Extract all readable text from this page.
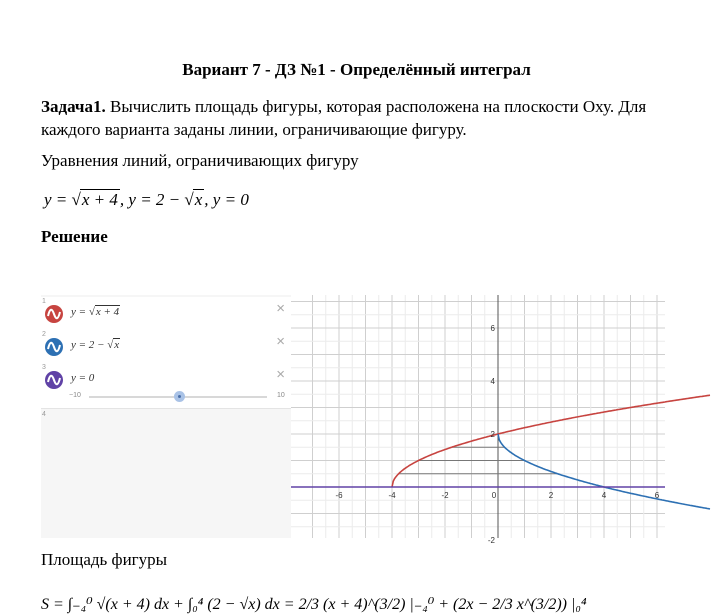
Вариант 7 - ДЗ №1 - Определённый интеграл
Задача1. Вычислить площадь фигуры, которая расположена на плоскости Оху. Для каждого варианта заданы линии, ограничивающие фигуру.
Уравнения линий, ограничивающих фигуру
y = √x + 4 , y = 2 − √x , y = 0
Решение
1
y = √x + 4	×
2
y = 2 − √x	×
3
y = 0	×
−10	10
4
-6	-4	-2	0	2	4	6
6
4
2
-2
Площадь фигуры
S = ∫₋₄⁰ √(x + 4) dx + ∫₀⁴ (2 − √x) dx = 2/3 (x + 4)^(3/2) |₋₄⁰ + (2x − 2/3 x^(3/2)) |₀⁴
